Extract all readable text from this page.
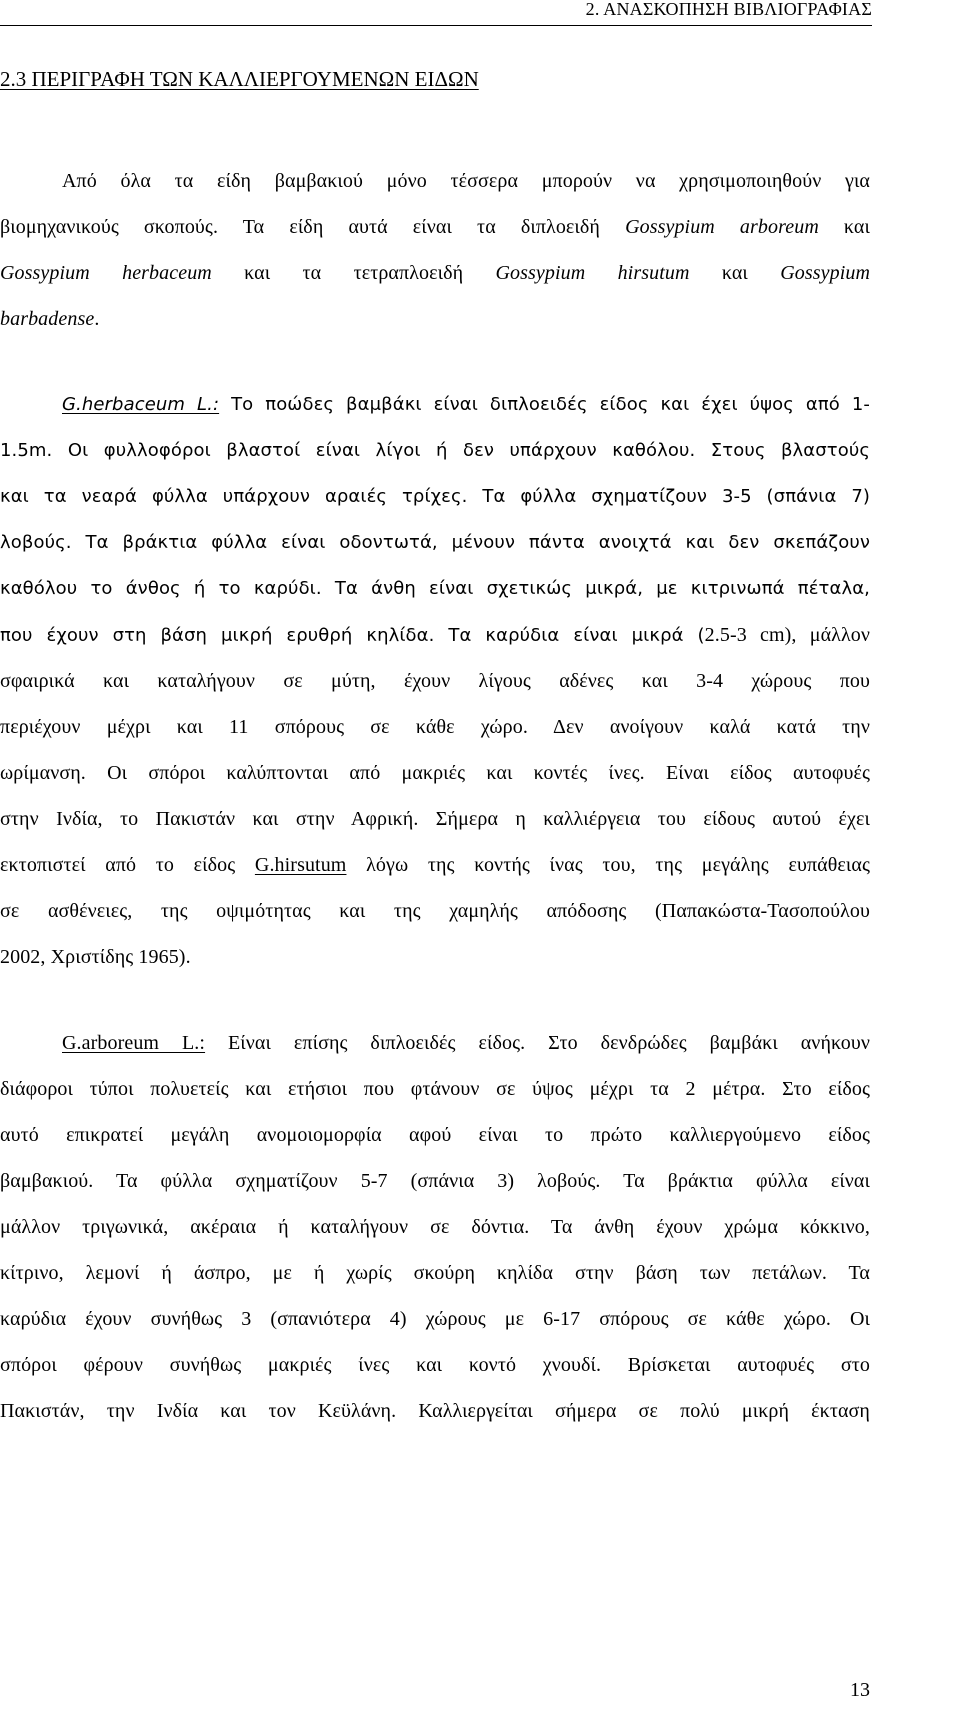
2. ΑΝΑΣΚΟΠΗΣΗ ΒΙΒΛΙΟΓΡΑΦΙΑΣ
2.3 ΠΕΡΙΓΡΑΦΗ ΤΩΝ ΚΑΛΛΙΕΡΓΟΥΜΕΝΩΝ ΕΙΔΩΝ
Από όλα τα είδη βαμβακιού μόνο τέσσερα μπορούν να χρησιμοποιηθούν για
βιομηχανικούς σκοπούς. Τα είδη αυτά είναι τα διπλοειδή Gossypium arboreum και
Gossypium herbaceum και τα τετραπλοειδή Gossypium hirsutum και Gossypium
barbadense.
G.herbaceum L.: Το ποώδες βαμβάκι είναι διπλοειδές είδος και έχει ύψος από 1-
1.5m. Οι φυλλοφόροι βλαστοί είναι λίγοι ή δεν υπάρχουν καθόλου. Στους βλαστούς
και τα νεαρά φύλλα υπάρχουν αραιές τρίχες. Τα φύλλα σχηματίζουν 3-5 (σπάνια 7)
λοβούς. Τα βράκτια φύλλα είναι οδοντωτά, μένουν πάντα ανοιχτά και δεν σκεπάζουν
καθόλου το άνθος ή το καρύδι. Τα άνθη είναι σχετικώς μικρά, με κιτρινωπά πέταλα,
που έχουν στη βάση μικρή ερυθρή κηλίδα. Τα καρύδια είναι μικρά (2.5-3 cm), μάλλον
σφαιρικά και καταλήγουν σε μύτη, έχουν λίγους αδένες και 3-4 χώρους που
περιέχουν μέχρι και 11 σπόρους σε κάθε χώρο. Δεν ανοίγουν καλά κατά την
ωρίμανση. Οι σπόροι καλύπτονται από μακριές και κοντές ίνες. Είναι είδος αυτοφυές
στην Ινδία, το Πακιστάν και στην Αφρική. Σήμερα η καλλιέργεια του είδους αυτού έχει
εκτοπιστεί από το είδος G.hirsutum λόγω της κοντής ίνας του, της μεγάλης ευπάθειας
σε ασθένειες, της οψιμότητας και της χαμηλής απόδοσης (Παπακώστα-Τασοπούλου
2002, Χριστίδης 1965).
G.arboreum L.: Είναι επίσης διπλοειδές είδος. Στο δενδρώδες βαμβάκι ανήκουν
διάφοροι τύποι πολυετείς και ετήσιοι που φτάνουν σε ύψος μέχρι τα 2 μέτρα. Στο είδος
αυτό επικρατεί μεγάλη ανομοιομορφία αφού είναι το πρώτο καλλιεργούμενο είδος
βαμβακιού. Τα φύλλα σχηματίζουν 5-7 (σπάνια 3) λοβούς. Τα βράκτια φύλλα είναι
μάλλον τριγωνικά, ακέραια ή καταλήγουν σε δόντια. Τα άνθη έχουν χρώμα κόκκινο,
κίτρινο, λεμονί ή άσπρο, με ή χωρίς σκούρη κηλίδα στην βάση των πετάλων. Τα
καρύδια έχουν συνήθως 3 (σπανιότερα 4) χώρους με 6-17 σπόρους σε κάθε χώρο. Οι
σπόροι φέρουν συνήθως μακριές ίνες και κοντό χνουδί. Βρίσκεται αυτοφυές στο
Πακιστάν, την Ινδία και τον Κεϋλάνη. Καλλιεργείται σήμερα σε πολύ μικρή έκταση
13
